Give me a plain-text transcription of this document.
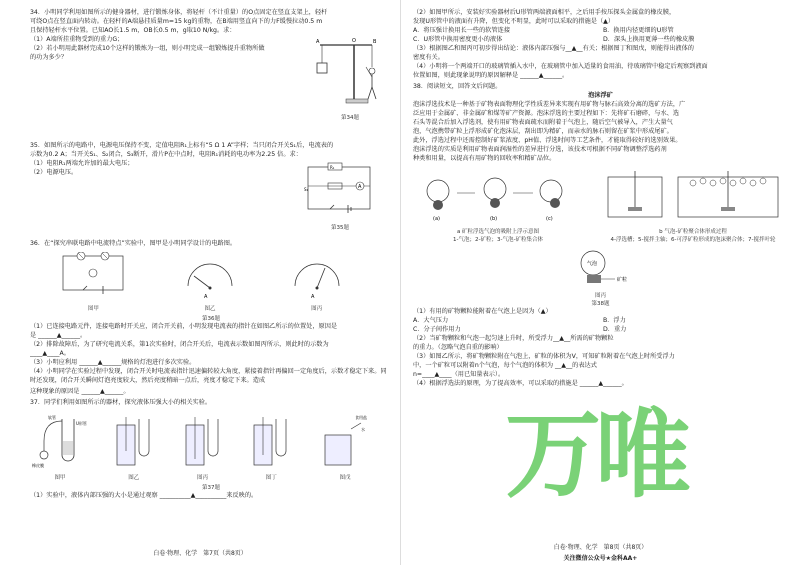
34．小明同学利用如图所示的健身器材，进行锻炼身体，将轻杆（不计重量）的O点固定在竖直支架上，轻杆
可绕O点在竖直面内转动。在轻杆的A端悬挂质量m=15 kg的重物，在B端用竖直向下的力F缓慢拉动0.5 m
且保持轻杆水平位置。已知AO长1.5 m，OB长0.5 m，g取10 N/kg。求：
（1）A端所挂重物受到的重力G；
（2）若小明用此器材完成10个这样的锻炼为一组，则小明完成一组锻炼提升重物所做
的功为多少？
A	O	B
第34题
35．如图所示的电路中，电源电压保持不变，定值电阻R₁上标有“5 Ω 1 A”字样；当只闭合开关S₁后，电流表的
示数为0.2 A；当开关S₁、S₂闭合，S₃断开，滑片P在中点时，电阻R₁消耗的电功率为2.25 倍。求：
（1）电阻R₁两端允许加的最大电压；
（2）电源电压。
A
R₁
S₁
第35题
36．在“探究串联电路中电流特点”实验中，图甲是小明同学设计的电路图。
图甲
A
图乙
A
图丙
第36题
（1）已连接电路元件，连接电路时开关应，闭合开关前，小明发现电流表的指针在如图乙所示的位置处，原因是
是 ______▲______。
（2）排除故障后，为了研究电流关系，第1次实验时，闭合开关后，电流表示数如图丙所示，则此时的示数为
____▲____A。
（3）小明应利用 ______▲______规格的灯泡进行多次实验。
（4）小明同学在实验过程中发现，闭合开关时电流表指针迅速偏转较大角度，紧接着指针再偏回一定角度后，示数才稳定下来。同时还发现，闭合开关瞬间灯泡亮度较大，然后亮度稍暗一点后，亮度才稳定下来。造成
这种现象的原因是 ______▲______。
37．同学们利用如图所示的器材，探究液体压强大小的相关实验。
软管
U形管
橡皮膜
图甲	图乙	图丙	图丁
食用盐
水
图戊
第37题
（1）实验中，液体内部压强的大小是通过观察 __________▲__________来反映的。
白卷·物理、化学　第7页（共8页）
（2）如图甲所示，安装好实验器材后U形管两端液面相平，之后用手按压探头金属盒的橡皮膜，
发现U形管中的液面有升降，但变化不明显，此时可以采取的措施是（▲）
A．将压强计换用长一些的软管连接	B．换用内径更细的U形管
C．U形管中换用密度更小的液体	D．深头上换用更薄一些的橡皮膜
（3）根据图乙和图丙可初步得出结论：液体内部压强与__▲__有关；根据图丁和图戊，则能得出液体的
密度有关。
（4）小明将一个两端开口的玻璃管插入水中，在玻璃管中加入适量的食用油，待玻璃管中稳定后观察到液面
位置如图，则此现象说明的原因解释是 ______▲______。
38．阅读短文，回答文后问题。
泡沫浮矿
泡沫浮选技术是一种基于矿物表面物理化学性质差异来实现有用矿物与脉石高效分离的选矿方法，广
泛应用于金属矿、非金属矿和煤等矿产资源。泡沫浮选的主要过程如下：先将矿石磨碎，与水、选
石头等混合后加入浮选剂，使有用矿物表面疏水而附着于气泡上，随后空气被导入，产生大量气
泡，气泡携带矿粒上浮形成矿化泡沫层，刮出即为精矿，而亲水的脉石则留在矿浆中形成尾矿。
此外，浮选过程中还需控制好矿浆浓度、pH值、浮选时间等工艺条件，才能取得较好的选别效果。
泡沫浮选的实质是利用矿物表面润湿性的差异进行分选，该技术可根据不同矿物调整浮选药剂
种类和用量，以提高有用矿物的回收率和精矿品位。
(a)	(b)	(c)
a 矿粒浮选气泡的吸附上浮示意图
1-气泡；2-矿粒；3-气泡-矿粒集合体
b 气泡-矿粒聚合体形成过程
4-浮选槽；5-搅拌主轴；6-可浮矿粒形成的泡沫聚合体；7-搅拌叶轮
气泡
矿粒
图丙
第38题
（1）有用的矿物颗粒能附着在气泡上是因为（▲）
A．大气压力	B．浮力
C．分子间作用力	D．重力
（2）当矿物颗粒和气泡一起匀速上升时，所受浮力__▲__所需的矿物颗粒
的重力。（忽略气泡自重的影响）
（3）如图乙所示，将矿物颗粒附在气泡上，矿粒的体积为V，可知矿粒附着在气泡上时所受浮力
中，一个矿粒可以附着n个气泡，每个气泡的体积为 __▲__的表达式
n=____▲____（用已知量表示）。
（4）根据浮选法的原理，为了提高效率，可以采取的措施是 ______▲______。
白卷·物理、化学　第8页（共8页）
关注微信公众号★金科AA+
万唯
